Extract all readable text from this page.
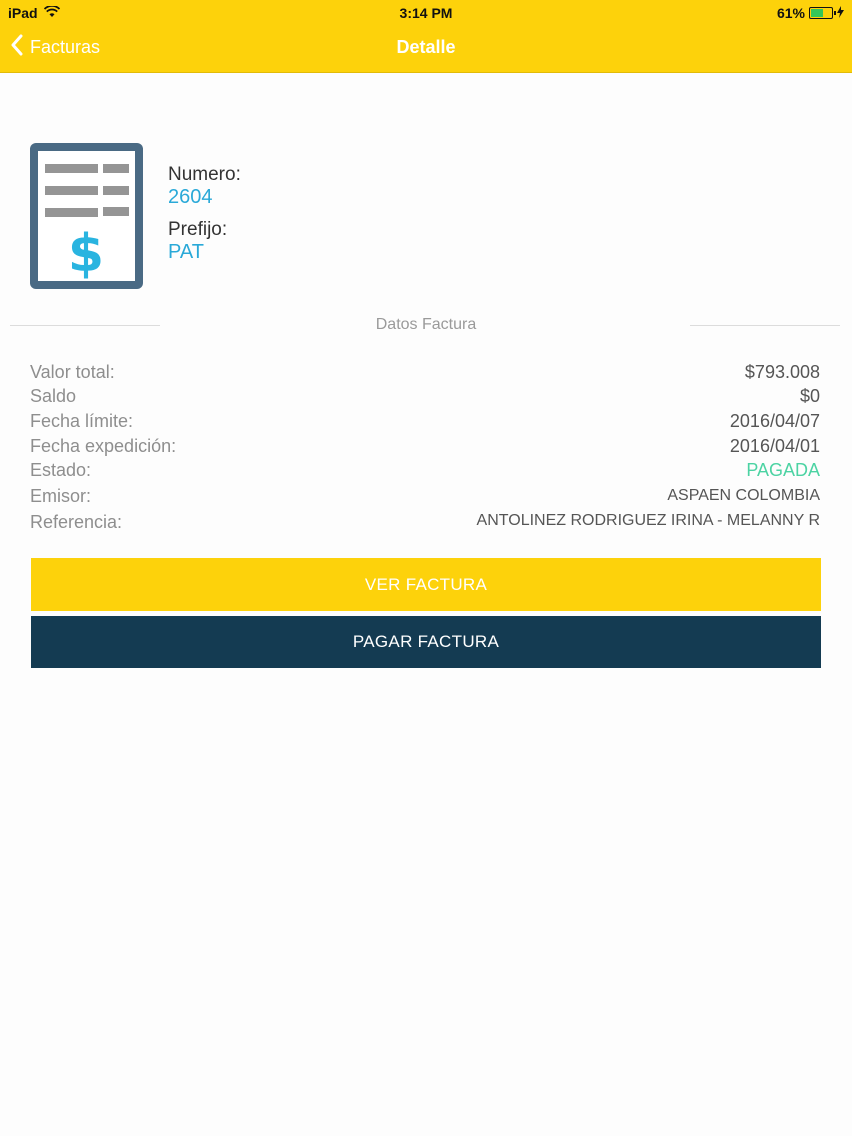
iPad	3:14 PM	61%
Facturas	Detalle
$
Numero:
2604
Prefijo:
PAT
Datos Factura
Valor total:	$793.008
Saldo	$0
Fecha límite:	2016/04/07
Fecha expedición:	2016/04/01
Estado:	PAGADA
Emisor:	ASPAEN COLOMBIA
Referencia:	ANTOLINEZ RODRIGUEZ IRINA - MELANNY R
VER FACTURA
PAGAR FACTURA
